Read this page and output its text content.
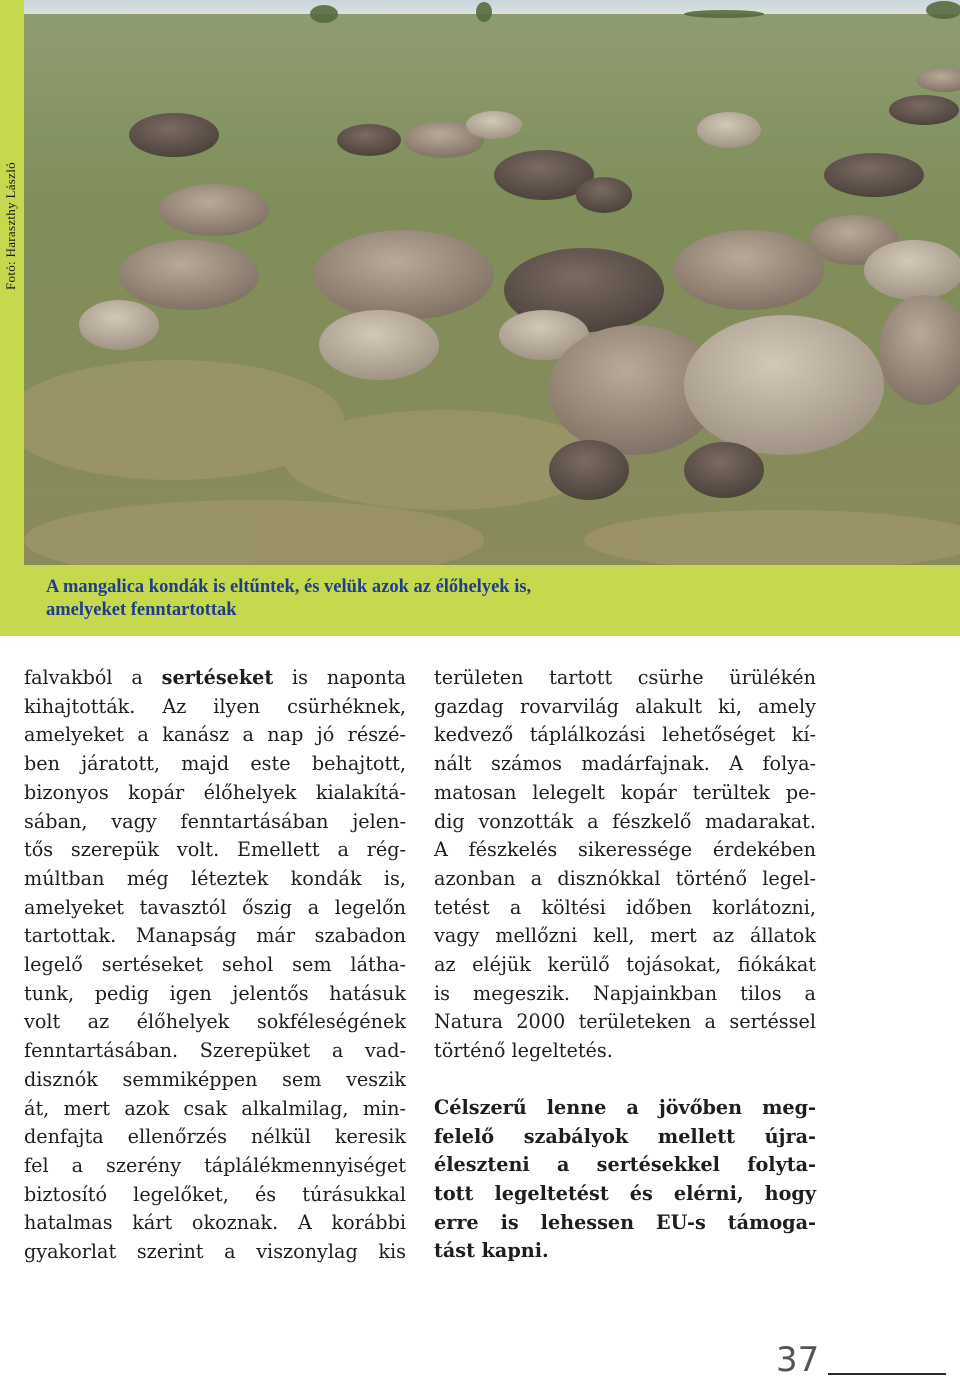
Fotó: Haraszthy László
A mangalica kondák is eltűntek, és velük azok az élőhelyek is,
amelyeket fenntartottak
falvakból a sertéseket is naponta
kihajtották. Az ilyen csürhéknek,
amelyeket a kanász a nap jó részé-
ben járatott, majd este behajtott,
bizonyos kopár élőhelyek kialakítá-
sában, vagy fenntartásában jelen-
tős szerepük volt. Emellett a rég-
múltban még léteztek kondák is,
amelyeket tavasztól őszig a legelőn
tartottak. Manapság már szabadon
legelő sertéseket sehol sem látha-
tunk, pedig igen jelentős hatásuk
volt az élőhelyek sokféleségének
fenntartásában. Szerepüket a vad-
disznók semmiképpen sem veszik
át, mert azok csak alkalmilag, min-
denfajta ellenőrzés nélkül keresik
fel a szerény táplálékmennyiséget
biztosító legelőket, és túrásukkal
hatalmas kárt okoznak. A korábbi
gyakorlat szerint a viszonylag kis
területen tartott csürhe ürülékén
gazdag rovarvilág alakult ki, amely
kedvező táplálkozási lehetőséget kí-
nált számos madárfajnak. A folya-
matosan lelegelt kopár terültek pe-
dig vonzották a fészkelő madarakat.
A fészkelés sikeressége érdekében
azonban a disznókkal történő legel-
tetést a költési időben korlátozni,
vagy mellőzni kell, mert az állatok
az eléjük kerülő tojásokat, fiókákat
is megeszik. Napjainkban tilos a
Natura 2000 területeken a sertéssel
történő legeltetés.
Célszerű lenne a jövőben meg-
felelő szabályok mellett újra-
éleszteni a sertésekkel folyta-
tott legeltetést és elérni, hogy
erre is lehessen EU-s támoga-
tást kapni.
37
